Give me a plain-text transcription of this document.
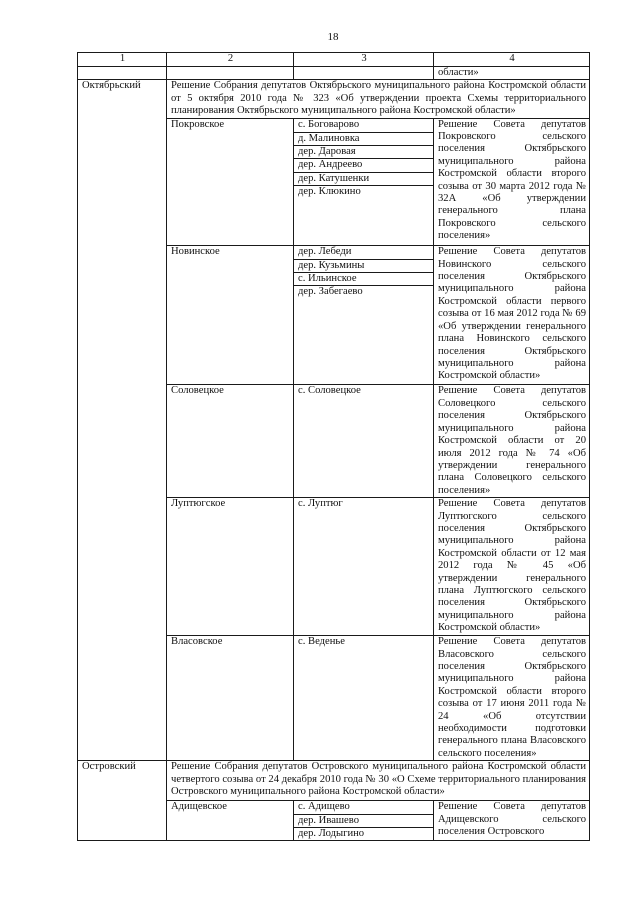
18
1	2	3	4
			области»
Октябрьский	Решение Собрания депутатов Октябрьского муниципального района Костромской области от 5 октября 2010 года № 323 «Об утверждении проекта Схемы территориального планирования Октябрьского муниципального района Костромской области»		
	Покровское	с. Боговарово	Решение Совета депутатов Покровского сельского поселения Октябрьского муниципального района Костромской области второго созыва от 30 марта 2012 года № 32А «Об утверждении генерального плана Покровского сельского поселения»
		д. Малиновка	
		дер. Даровая	
		дер. Андреево	
		дер. Катушенки	
		дер. Клюкино	
	Новинское	дер. Лебеди	Решение Совета депутатов Новинского сельского поселения Октябрьского муниципального района Костромской области первого созыва от 16 мая 2012 года № 69 «Об утверждении генерального плана Новинского сельского поселения Октябрьского муниципального района Костромской области»
		дер. Кузьмины	
		с. Ильинское	
		дер. Забегаево	
	Соловецкое	с. Соловецкое	Решение Совета депутатов Соловецкого сельского поселения Октябрьского муниципального района Костромской области от 20 июля 2012 года № 74 «Об утверждении генерального плана Соловецкого сельского поселения»
	Луптюгское	с. Луптюг	Решение Совета депутатов Луптюгского сельского поселения Октябрьского муниципального района Костромской области от 12 мая 2012 года № 45 «Об утверждении генерального плана Луптюгского сельского поселения Октябрьского муниципального района Костромской области»
	Власовское	с. Веденье	Решение Совета депутатов Власовского сельского поселения Октябрьского муниципального района Костромской области второго созыва от 17 июня 2011 года № 24 «Об отсутствии необходимости подготовки генерального плана Власовского сельского поселения»
Островский	Решение Собрания депутатов Островского муниципального района Костромской области четвертого созыва от 24 декабря 2010 года № 30 «О Схеме территориального планирования Островского муниципального района Костромской области»		
	Адищевское	с. Адищево	Решение Совета депутатов Адищевского сельского поселения Островского
		дер. Ивашево	
		дер. Лодыгино	
